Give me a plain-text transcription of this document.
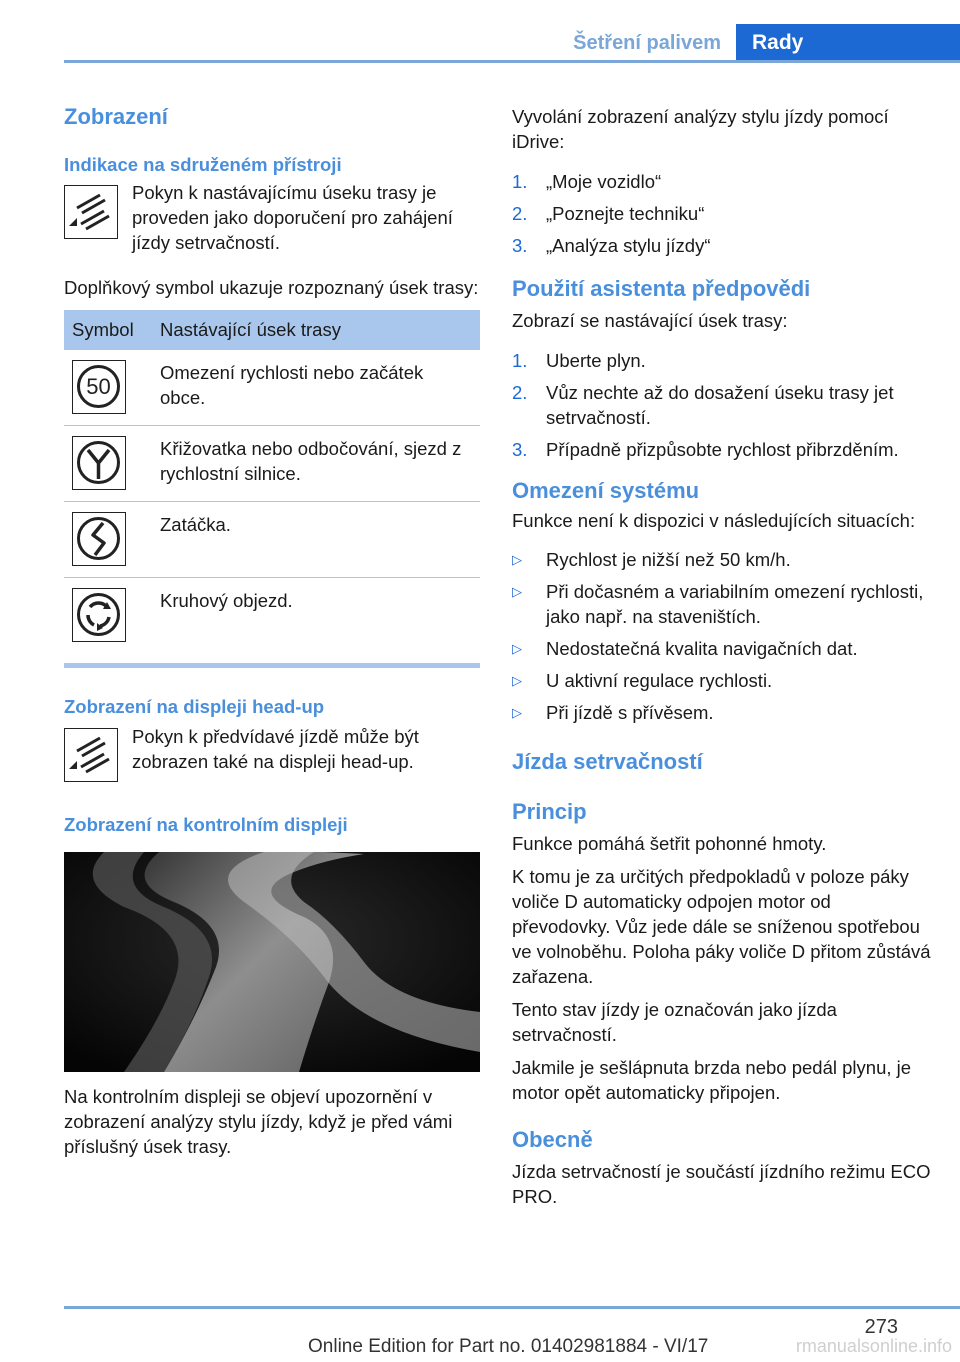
Šetření palivem	Rady
Zobrazení
Indikace na sdruženém přístroji
Pokyn k nastávajícímu úseku trasy je proveden jako doporučení pro zahájení jízdy setrvačností.
Doplňkový symbol ukazuje rozpoznaný úsek trasy:
Symbol	Nastávající úsek trasy

50	Omezení rychlosti nebo začátek obce.

	Křižovatka nebo odbočování, sjezd z rychlostní silnice.

	Zatáčka.

	Kruhový objezd.
Zobrazení na displeji head-up
Pokyn k předvídavé jízdě může být zobrazen také na displeji head-up.
Zobrazení na kontrolním displeji
Na kontrolním displeji se objeví upozornění v zobrazení analýzy stylu jízdy, když je před vámi příslušný úsek trasy.
Vyvolání zobrazení analýzy stylu jízdy pomocí iDrive:
1.	„Moje vozidlo“
2.	„Poznejte techniku“
3.	„Analýza stylu jízdy“
Použití asistenta předpovědi
Zobrazí se nastávající úsek trasy:
1.	Uberte plyn.
2.	Vůz nechte až do dosažení úseku trasy jet setrvačností.
3.	Případně přizpůsobte rychlost přibrzděním.
Omezení systému
Funkce není k dispozici v následujících situacích:
▷	Rychlost je nižší než 50 km/h.
▷	Při dočasném a variabilním omezení rychlosti, jako např. na staveništích.
▷	Nedostatečná kvalita navigačních dat.
▷	U aktivní regulace rychlosti.
▷	Při jízdě s přívěsem.
Jízda setrvačností
Princip
Funkce pomáhá šetřit pohonné hmoty.
K tomu je za určitých předpokladů v poloze páky voliče D automaticky odpojen motor od převodovky. Vůz jede dále se sníženou spotřebou ve volnoběhu. Poloha páky voliče D přitom zůstává zařazena.
Tento stav jízdy je označován jako jízda setrvačností.
Jakmile je sešlápnuta brzda nebo pedál plynu, je motor opět automaticky připojen.
Obecně
Jízda setrvačností je součástí jízdního režimu ECO PRO.
273
Online Edition for Part no. 01402981884 - VI/17	rmanualsonline.info
